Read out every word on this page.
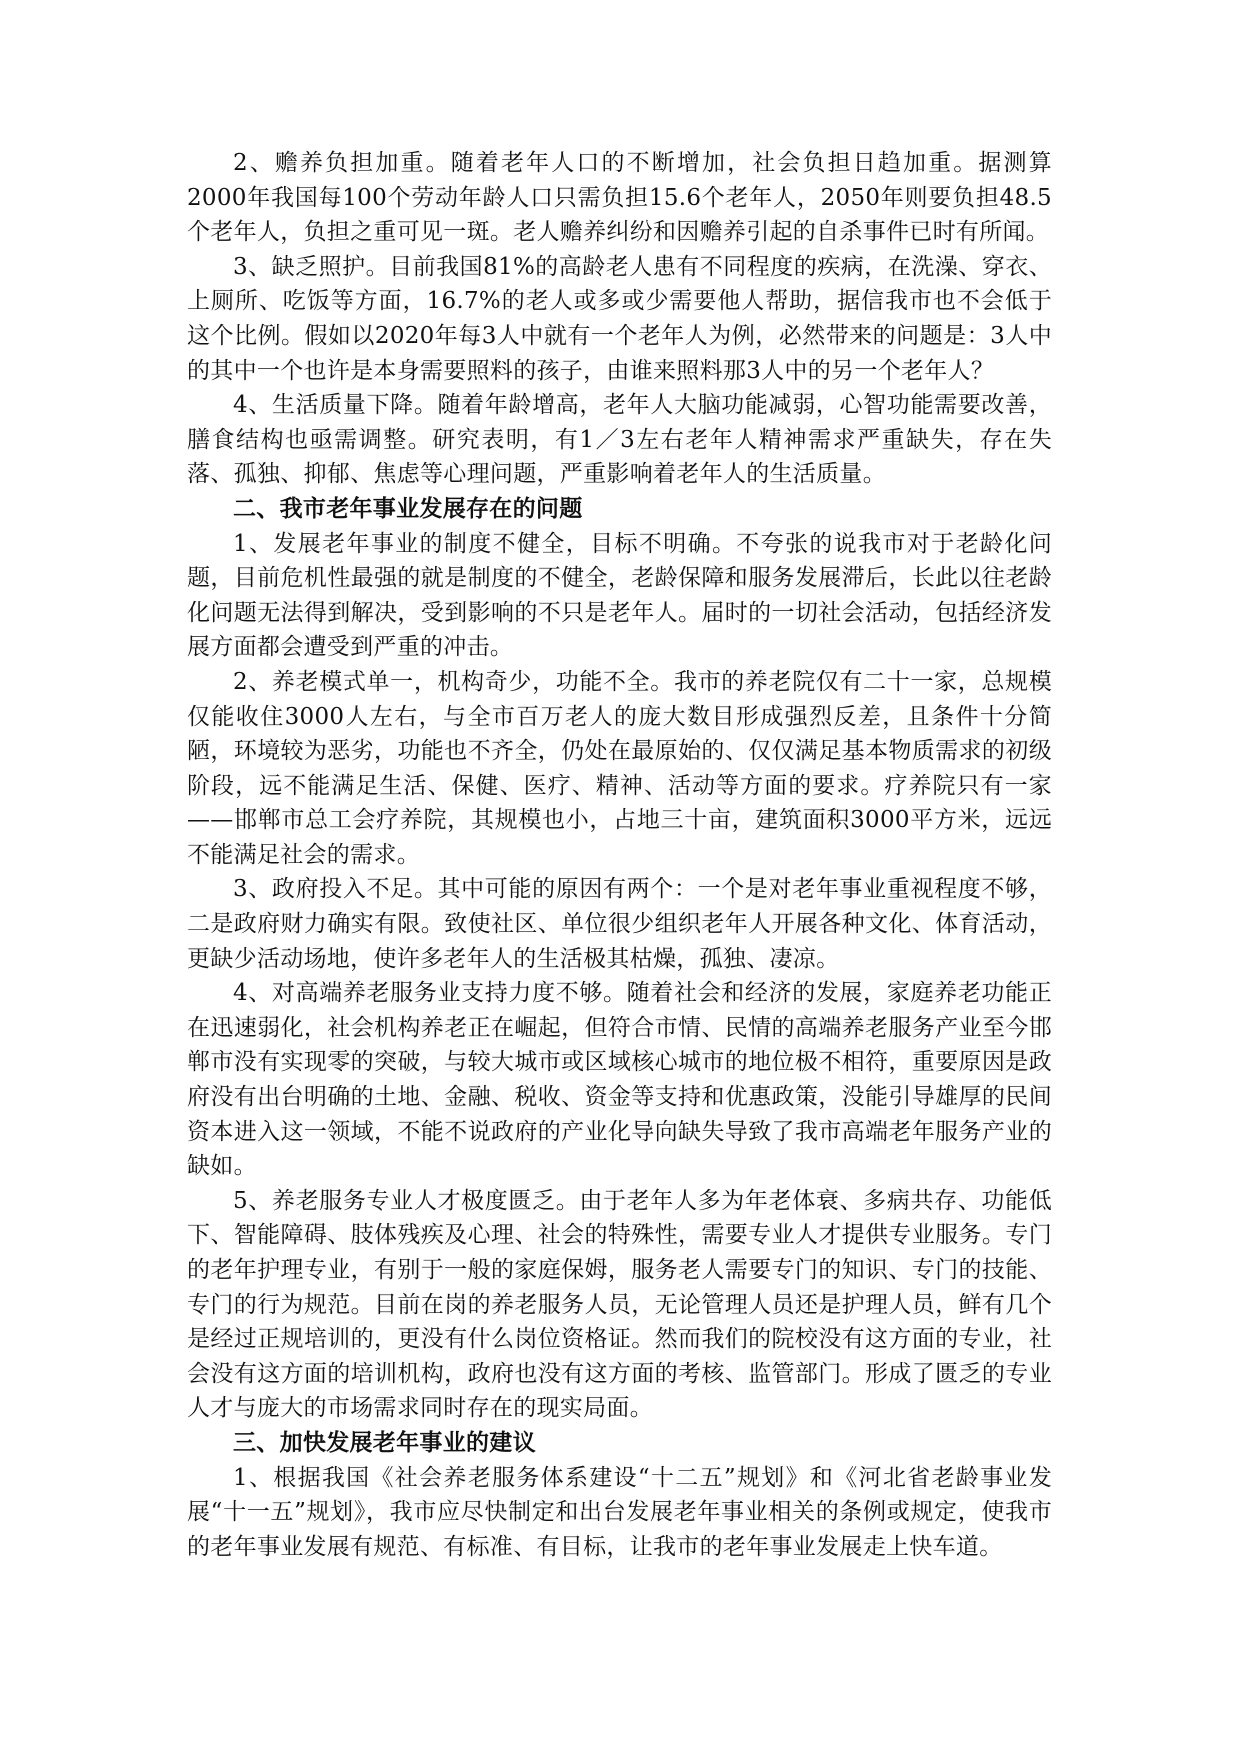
2、赡养负担加重。随着老年人口的不断增加，社会负担日趋加重。据测算2000年我国每100个劳动年龄人口只需负担15.6个老年人，2050年则要负担48.5个老年人，负担之重可见一斑。老人赡养纠纷和因赡养引起的自杀事件已时有所闻。

3、缺乏照护。目前我国81%的高龄老人患有不同程度的疾病，在洗澡、穿衣、上厕所、吃饭等方面，16.7%的老人或多或少需要他人帮助，据信我市也不会低于这个比例。假如以2020年每3人中就有一个老年人为例，必然带来的问题是：3人中的其中一个也许是本身需要照料的孩子，由谁来照料那3人中的另一个老年人？

4、生活质量下降。随着年龄增高，老年人大脑功能减弱，心智功能需要改善，膳食结构也亟需调整。研究表明，有1／3左右老年人精神需求严重缺失，存在失落、孤独、抑郁、焦虑等心理问题，严重影响着老年人的生活质量。

二、我市老年事业发展存在的问题

1、发展老年事业的制度不健全，目标不明确。不夸张的说我市对于老龄化问题，目前危机性最强的就是制度的不健全，老龄保障和服务发展滞后，长此以往老龄化问题无法得到解决，受到影响的不只是老年人。届时的一切社会活动，包括经济发展方面都会遭受到严重的冲击。

2、养老模式单一，机构奇少，功能不全。我市的养老院仅有二十一家，总规模仅能收住3000人左右，与全市百万老人的庞大数目形成强烈反差，且条件十分简陋，环境较为恶劣，功能也不齐全，仍处在最原始的、仅仅满足基本物质需求的初级阶段，远不能满足生活、保健、医疗、精神、活动等方面的要求。疗养院只有一家——邯郸市总工会疗养院，其规模也小，占地三十亩，建筑面积3000平方米，远远不能满足社会的需求。

3、政府投入不足。其中可能的原因有两个：一个是对老年事业重视程度不够，二是政府财力确实有限。致使社区、单位很少组织老年人开展各种文化、体育活动，更缺少活动场地，使许多老年人的生活极其枯燥，孤独、凄凉。

4、对高端养老服务业支持力度不够。随着社会和经济的发展，家庭养老功能正在迅速弱化，社会机构养老正在崛起，但符合市情、民情的高端养老服务产业至今邯郸市没有实现零的突破，与较大城市或区域核心城市的地位极不相符，重要原因是政府没有出台明确的土地、金融、税收、资金等支持和优惠政策，没能引导雄厚的民间资本进入这一领域，不能不说政府的产业化导向缺失导致了我市高端老年服务产业的缺如。

5、养老服务专业人才极度匮乏。由于老年人多为年老体衰、多病共存、功能低下、智能障碍、肢体残疾及心理、社会的特殊性，需要专业人才提供专业服务。专门的老年护理专业，有别于一般的家庭保姆，服务老人需要专门的知识、专门的技能、专门的行为规范。目前在岗的养老服务人员，无论管理人员还是护理人员，鲜有几个是经过正规培训的，更没有什么岗位资格证。然而我们的院校没有这方面的专业，社会没有这方面的培训机构，政府也没有这方面的考核、监管部门。形成了匮乏的专业人才与庞大的市场需求同时存在的现实局面。

三、加快发展老年事业的建议

1、根据我国《社会养老服务体系建设“十二五”规划》和《河北省老龄事业发展“十一五”规划》，我市应尽快制定和出台发展老年事业相关的条例或规定，使我市的老年事业发展有规范、有标准、有目标，让我市的老年事业发展走上快车道。
